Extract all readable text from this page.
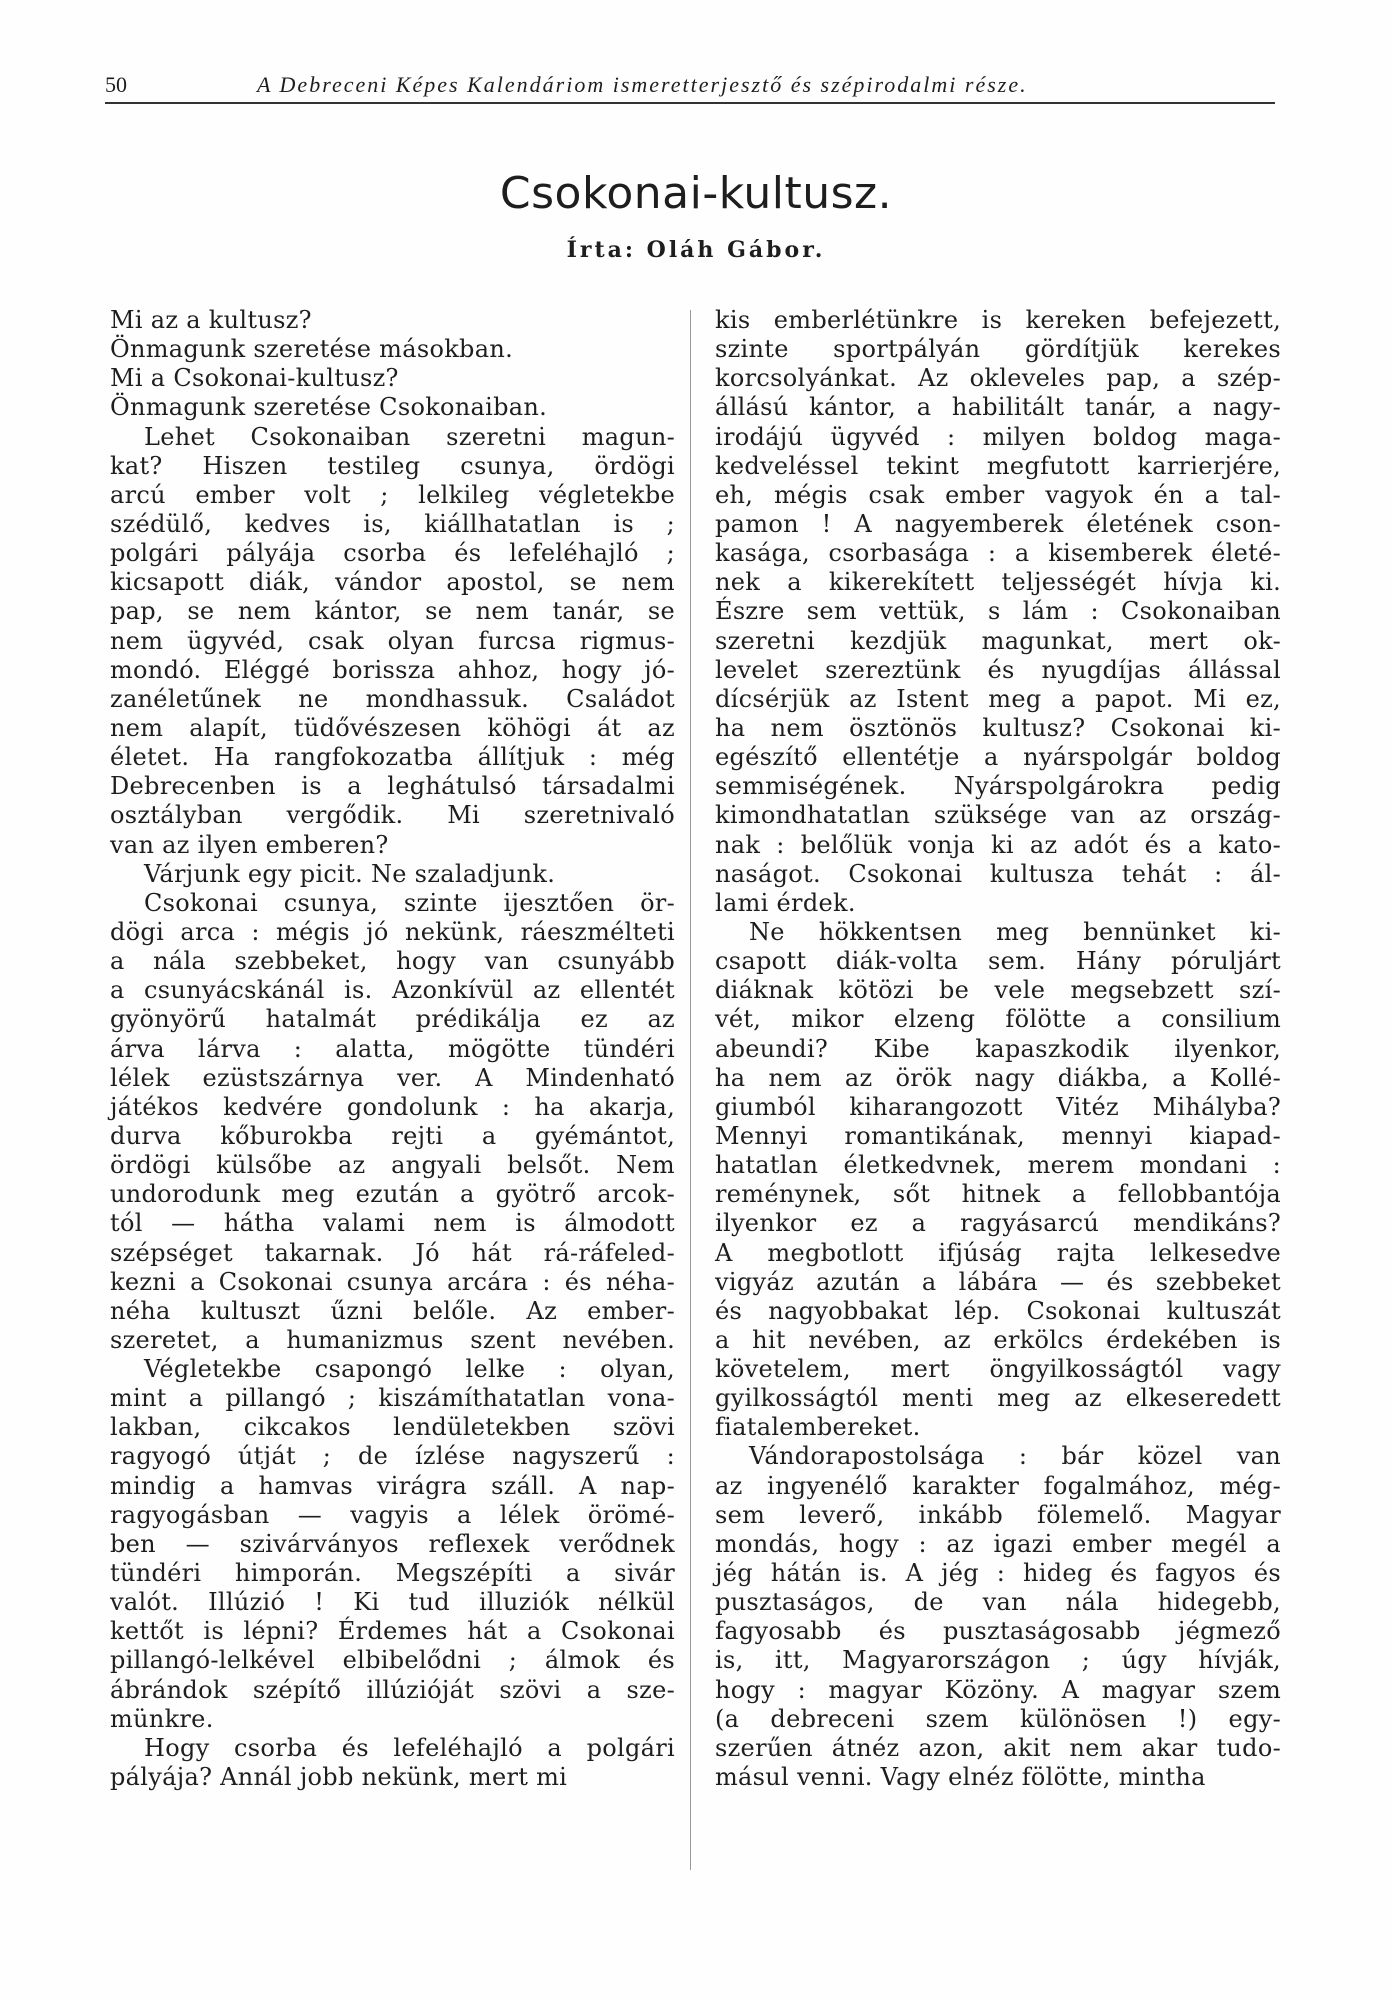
50	A Debreceni Képes Kalendáriom ismeretterjesztő és szépirodalmi része.
Csokonai-kultusz.
Írta: Oláh Gábor.
Mi az a kultusz?
Önmagunk szeretése másokban.
Mi a Csokonai-kultusz?
Önmagunk szeretése Csokonaiban.
Lehet Csokonaiban szeretni magun-
kat? Hiszen testileg csunya, ördögi
arcú ember volt ; lelkileg végletekbe
szédülő, kedves is, kiállhatatlan is ;
polgári pályája csorba és lefeléhajló ;
kicsapott diák, vándor apostol, se nem
pap, se nem kántor, se nem tanár, se
nem ügyvéd, csak olyan furcsa rigmus-
mondó. Eléggé borissza ahhoz, hogy jó-
zanéletűnek ne mondhassuk. Családot
nem alapít, tüdővészesen köhögi át az
életet. Ha rangfokozatba állítjuk : még
Debrecenben is a leghátulsó társadalmi
osztályban vergődik. Mi szeretnivaló
van az ilyen emberen?
Várjunk egy picit. Ne szaladjunk.
Csokonai csunya, szinte ijesztően ör-
dögi arca : mégis jó nekünk, ráeszmélteti
a nála szebbeket, hogy van csunyább
a csunyácskánál is. Azonkívül az ellentét
gyönyörű hatalmát prédikálja ez az
árva lárva : alatta, mögötte tündéri
lélek ezüstszárnya ver. A Mindenható
játékos kedvére gondolunk : ha akarja,
durva kőburokba rejti a gyémántot,
ördögi külsőbe az angyali belsőt. Nem
undorodunk meg ezután a gyötrő arcok-
tól — hátha valami nem is álmodott
szépséget takarnak. Jó hát rá-ráfeled-
kezni a Csokonai csunya arcára : és néha-
néha kultuszt űzni belőle. Az ember-
szeretet, a humanizmus szent nevében.
Végletekbe csapongó lelke : olyan,
mint a pillangó ; kiszámíthatatlan vona-
lakban, cikcakos lendületekben szövi
ragyogó útját ; de ízlése nagyszerű :
mindig a hamvas virágra száll. A nap-
ragyogásban — vagyis a lélek örömé-
ben — szivárványos reflexek verődnek
tündéri himporán. Megszépíti a sivár
valót. Illúzió ! Ki tud illuziók nélkül
kettőt is lépni? Érdemes hát a Csokonai
pillangó-lelkével elbibelődni ; álmok és
ábrándok szépítő illúzióját szövi a sze-
münkre.
Hogy csorba és lefeléhajló a polgári
pályája? Annál jobb nekünk, mert mi
kis emberlétünkre is kereken befejezett,
szinte sportpályán gördítjük kerekes
korcsolyánkat. Az okleveles pap, a szép-
állású kántor, a habilitált tanár, a nagy-
irodájú ügyvéd : milyen boldog maga-
kedveléssel tekint megfutott karrierjére,
eh, mégis csak ember vagyok én a tal-
pamon ! A nagyemberek életének cson-
kasága, csorbasága : a kisemberek életé-
nek a kikerekített teljességét hívja ki.
Észre sem vettük, s lám : Csokonaiban
szeretni kezdjük magunkat, mert ok-
levelet szereztünk és nyugdíjas állással
dícsérjük az Istent meg a papot. Mi ez,
ha nem ösztönös kultusz? Csokonai ki-
egészítő ellentétje a nyárspolgár boldog
semmiségének. Nyárspolgárokra pedig
kimondhatatlan szüksége van az ország-
nak : belőlük vonja ki az adót és a kato-
naságot. Csokonai kultusza tehát : ál-
lami érdek.
Ne hökkentsen meg bennünket ki-
csapott diák-volta sem. Hány póruljárt
diáknak kötözi be vele megsebzett szí-
vét, mikor elzeng fölötte a consilium
abeundi? Kibe kapaszkodik ilyenkor,
ha nem az örök nagy diákba, a Kollé-
giumból kiharangozott Vitéz Mihályba?
Mennyi romantikának, mennyi kiapad-
hatatlan életkedvnek, merem mondani :
reménynek, sőt hitnek a fellobbantója
ilyenkor ez a ragyásarcú mendikáns?
A megbotlott ifjúság rajta lelkesedve
vigyáz azután a lábára — és szebbeket
és nagyobbakat lép. Csokonai kultuszát
a hit nevében, az erkölcs érdekében is
követelem, mert öngyilkosságtól vagy
gyilkosságtól menti meg az elkeseredett
fiatalembereket.
Vándorapostolsága : bár közel van
az ingyenélő karakter fogalmához, még-
sem leverő, inkább fölemelő. Magyar
mondás, hogy : az igazi ember megél a
jég hátán is. A jég : hideg és fagyos és
pusztaságos, de van nála hidegebb,
fagyosabb és pusztaságosabb jégmező
is, itt, Magyarországon ; úgy hívják,
hogy : magyar Közöny. A magyar szem
(a debreceni szem különösen !) egy-
szerűen átnéz azon, akit nem akar tudo-
másul venni. Vagy elnéz fölötte, mintha
